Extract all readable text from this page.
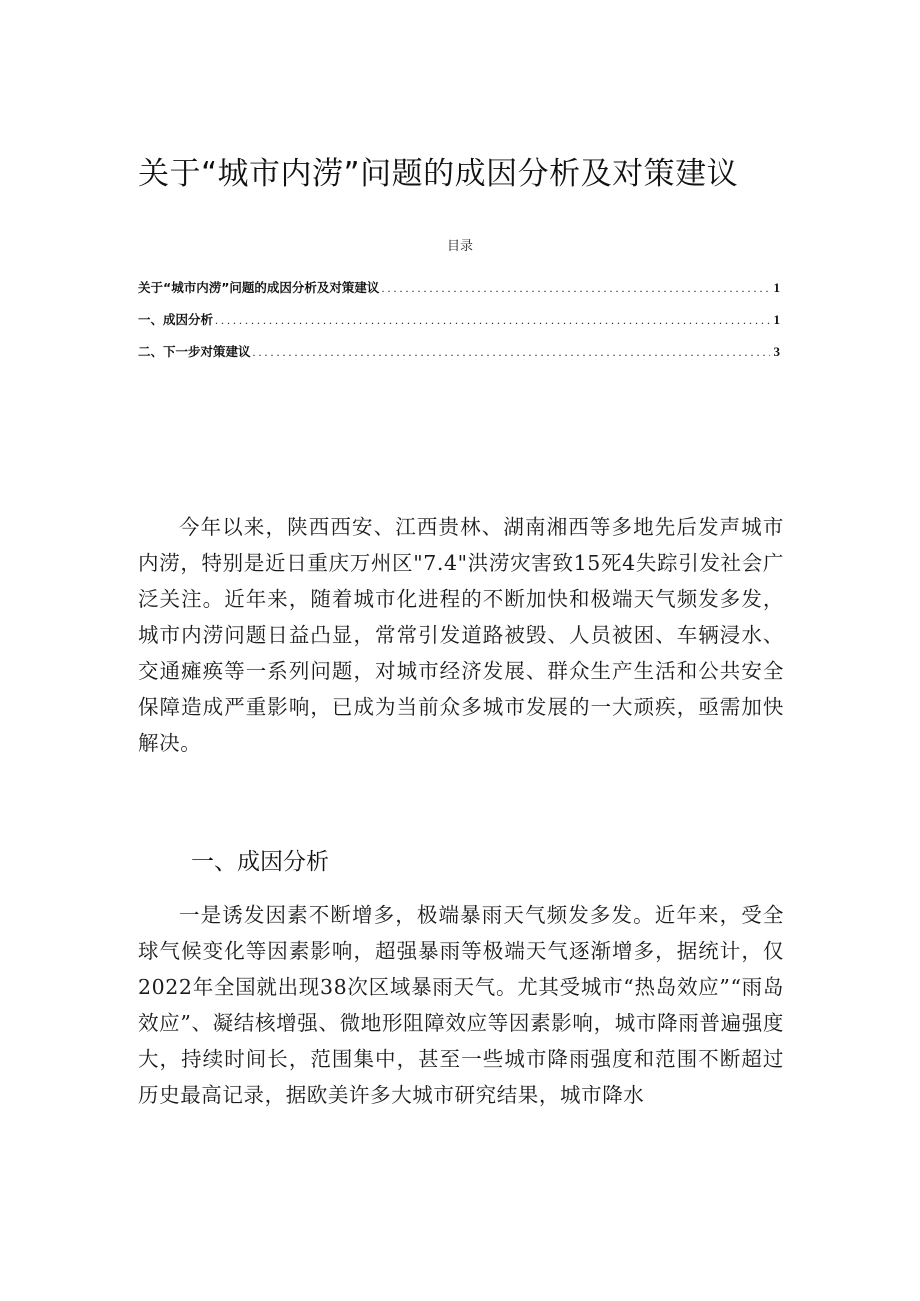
关于“城市内涝”问题的成因分析及对策建议
目录
关于“城市内涝”问题的成因分析及对策建议 .....	1
一、成因分析 .....	1
二、下一步对策建议 .....	3

今年以来，陕西西安、江西贵林、湖南湘西等多地先后发声城市内涝，特别是近日重庆万州区"7.4"洪涝灾害致15死4失踪引发社会广泛关注。近年来，随着城市化进程的不断加快和极端天气频发多发，城市内涝问题日益凸显，常常引发道路被毁、人员被困、车辆浸水、交通瘫痪等一系列问题，对城市经济发展、群众生产生活和公共安全保障造成严重影响，已成为当前众多城市发展的一大顽疾，亟需加快解决。

一、成因分析

一是诱发因素不断增多，极端暴雨天气频发多发。近年来，受全球气候变化等因素影响，超强暴雨等极端天气逐渐增多，据统计，仅2022年全国就出现38次区域暴雨天气。尤其受城市“热岛效应”“雨岛效应”、凝结核增强、微地形阻障效应等因素影响，城市降雨普遍强度大，持续时间长，范围集中，甚至一些城市降雨强度和范围不断超过历史最高记录，据欧美许多大城市研究结果，城市降水
